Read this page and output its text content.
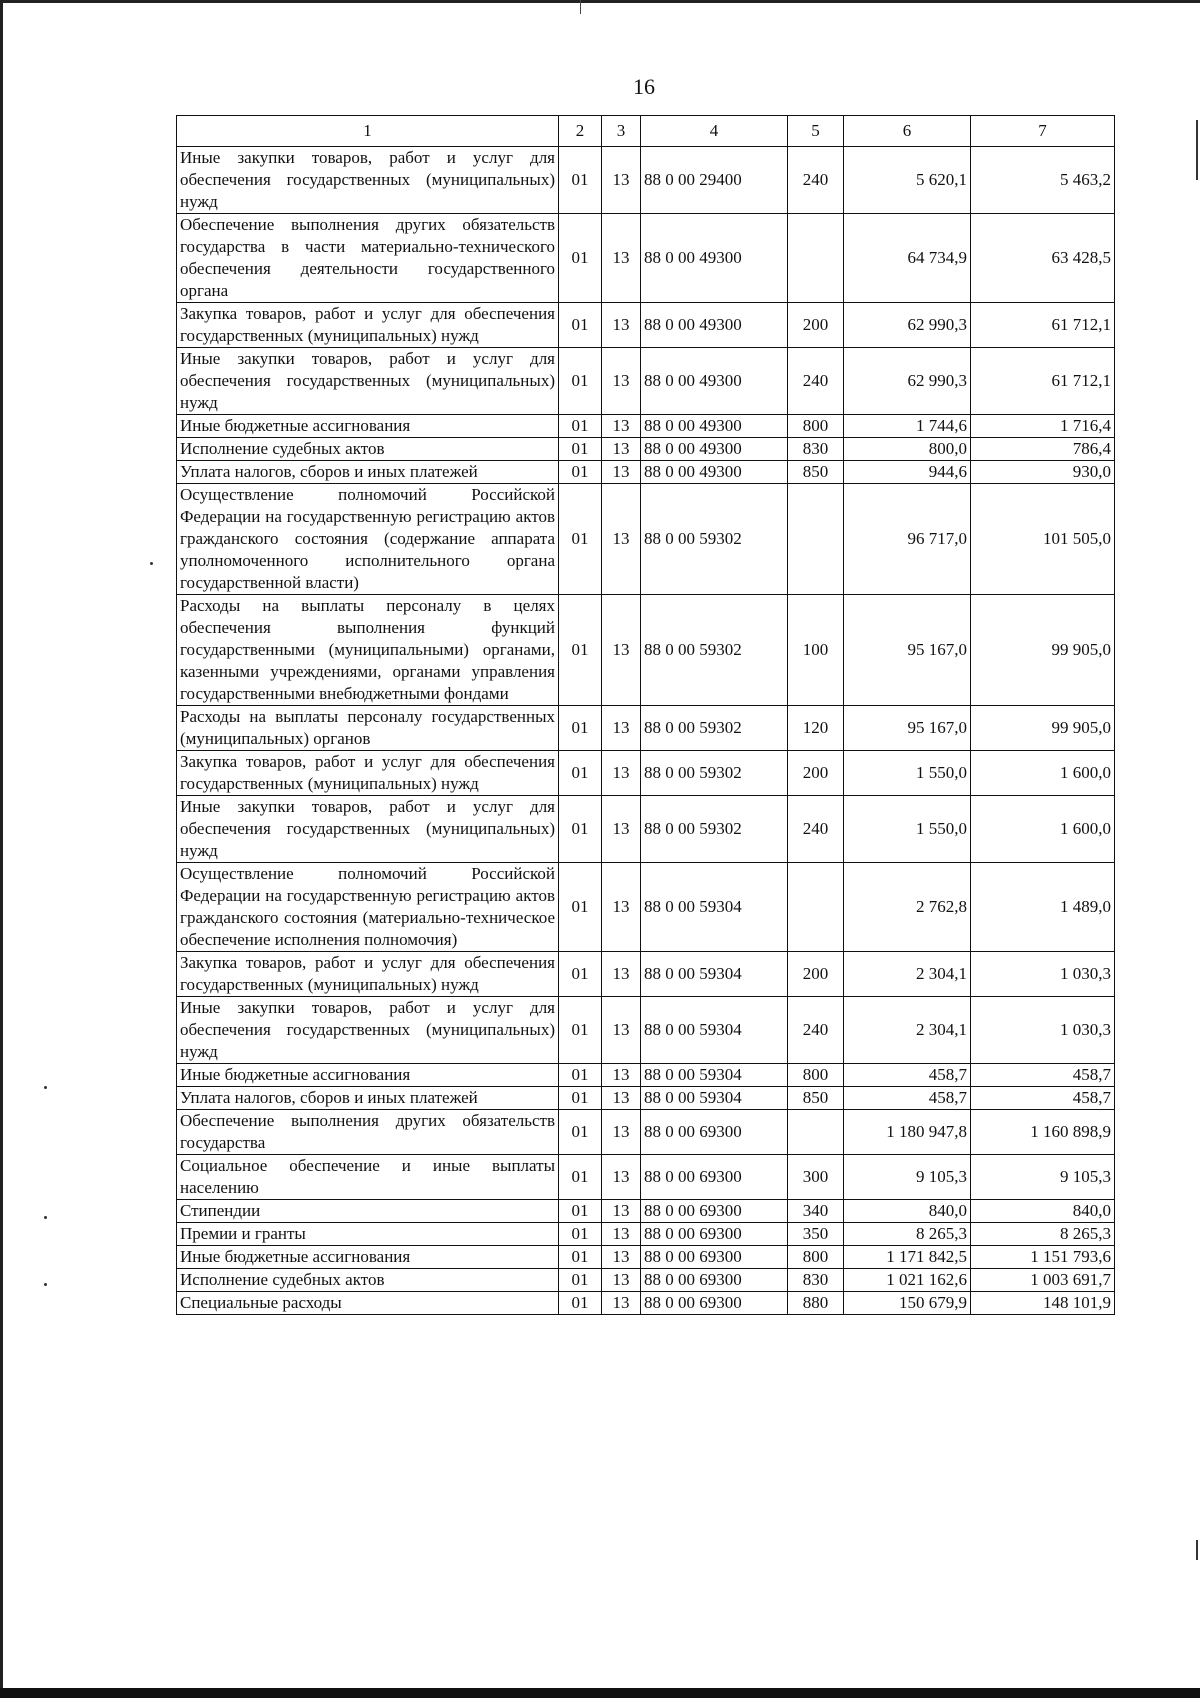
16
1	2	3	4	5	6	7
Иные закупки товаров, работ и услуг для обеспечения государственных (муниципальных) нужд	01	13	88 0 00 29400	240	5 620,1	5 463,2
Обеспечение выполнения других обязательств государства в части материально-технического обеспечения деятельности государственного органа	01	13	88 0 00 49300		64 734,9	63 428,5
Закупка товаров, работ и услуг для обеспечения государственных (муниципальных) нужд	01	13	88 0 00 49300	200	62 990,3	61 712,1
Иные закупки товаров, работ и услуг для обеспечения государственных (муниципальных) нужд	01	13	88 0 00 49300	240	62 990,3	61 712,1
Иные бюджетные ассигнования	01	13	88 0 00 49300	800	1 744,6	1 716,4
Исполнение судебных актов	01	13	88 0 00 49300	830	800,0	786,4
Уплата налогов, сборов и иных платежей	01	13	88 0 00 49300	850	944,6	930,0
Осуществление полномочий Российской Федерации на государственную регистрацию актов гражданского состояния (содержание аппарата уполномоченного исполнительного органа государственной власти)	01	13	88 0 00 59302		96 717,0	101 505,0
Расходы на выплаты персоналу в целях обеспечения выполнения функций государственными (муниципальными) органами, казенными учреждениями, органами управления государственными внебюджетными фондами	01	13	88 0 00 59302	100	95 167,0	99 905,0
Расходы на выплаты персоналу государственных (муниципальных) органов	01	13	88 0 00 59302	120	95 167,0	99 905,0
Закупка товаров, работ и услуг для обеспечения государственных (муниципальных) нужд	01	13	88 0 00 59302	200	1 550,0	1 600,0
Иные закупки товаров, работ и услуг для обеспечения государственных (муниципальных) нужд	01	13	88 0 00 59302	240	1 550,0	1 600,0
Осуществление полномочий Российской Федерации на государственную регистрацию актов гражданского состояния (материально-техническое обеспечение исполнения полномочия)	01	13	88 0 00 59304		2 762,8	1 489,0
Закупка товаров, работ и услуг для обеспечения государственных (муниципальных) нужд	01	13	88 0 00 59304	200	2 304,1	1 030,3
Иные закупки товаров, работ и услуг для обеспечения государственных (муниципальных) нужд	01	13	88 0 00 59304	240	2 304,1	1 030,3
Иные бюджетные ассигнования	01	13	88 0 00 59304	800	458,7	458,7
Уплата налогов, сборов и иных платежей	01	13	88 0 00 59304	850	458,7	458,7
Обеспечение выполнения других обязательств государства	01	13	88 0 00 69300		1 180 947,8	1 160 898,9
Социальное обеспечение и иные выплаты населению	01	13	88 0 00 69300	300	9 105,3	9 105,3
Стипендии	01	13	88 0 00 69300	340	840,0	840,0
Премии и гранты	01	13	88 0 00 69300	350	8 265,3	8 265,3
Иные бюджетные ассигнования	01	13	88 0 00 69300	800	1 171 842,5	1 151 793,6
Исполнение судебных актов	01	13	88 0 00 69300	830	1 021 162,6	1 003 691,7
Специальные расходы	01	13	88 0 00 69300	880	150 679,9	148 101,9
